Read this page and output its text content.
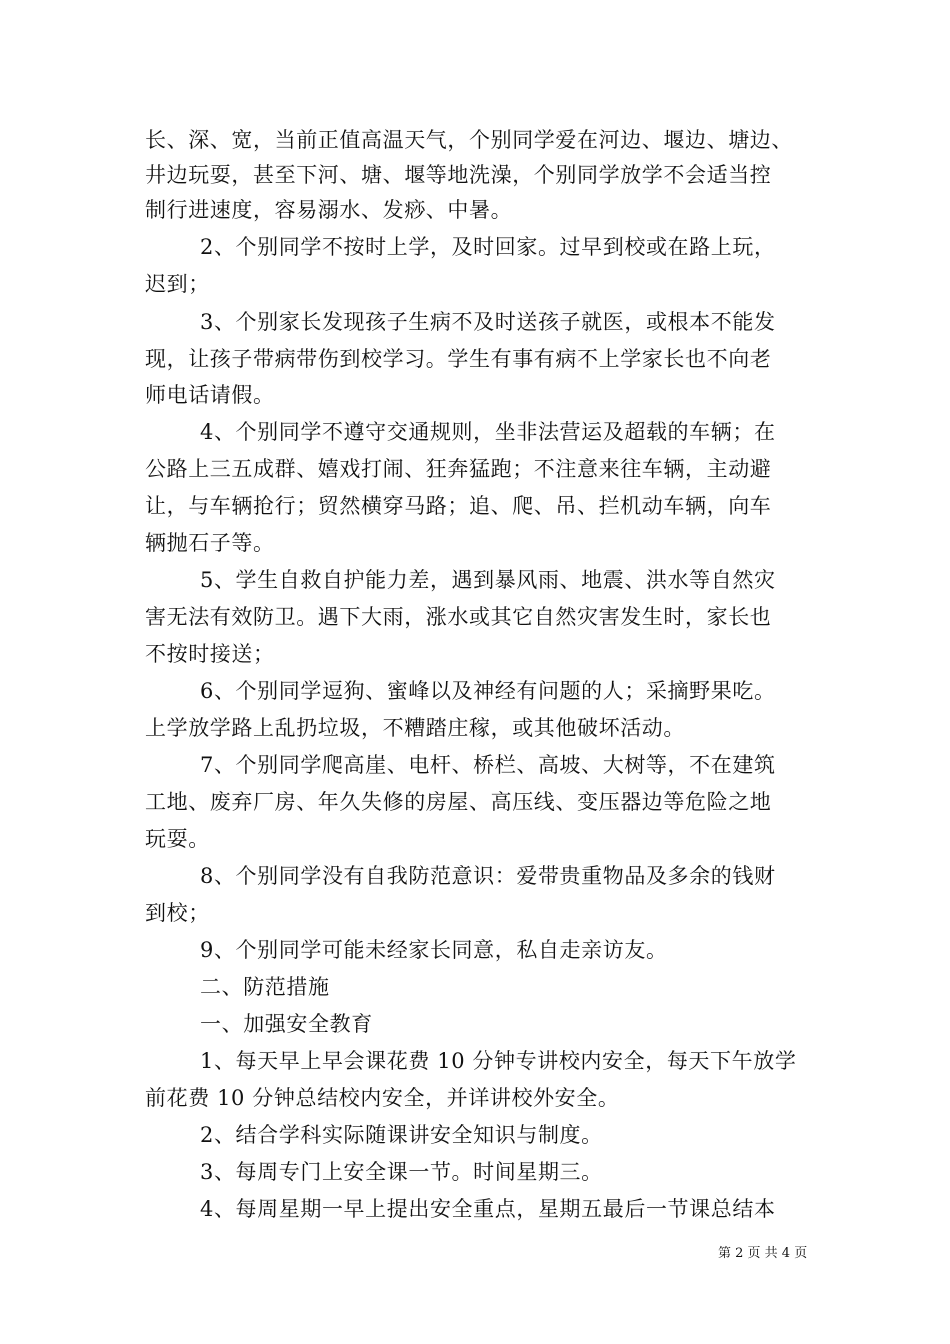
长、深、宽，当前正值高温天气，个别同学爱在河边、堰边、塘边、
井边玩耍，甚至下河、塘、堰等地洗澡，个别同学放学不会适当控
制行进速度，容易溺水、发痧、中暑。
2、个别同学不按时上学，及时回家。过早到校或在路上玩，
迟到；
3、个别家长发现孩子生病不及时送孩子就医，或根本不能发
现，让孩子带病带伤到校学习。学生有事有病不上学家长也不向老
师电话请假。
4、个别同学不遵守交通规则，坐非法营运及超载的车辆；在
公路上三五成群、嬉戏打闹、狂奔猛跑；不注意来往车辆，主动避
让，与车辆抢行；贸然横穿马路；追、爬、吊、拦机动车辆，向车
辆抛石子等。
5、学生自救自护能力差，遇到暴风雨、地震、洪水等自然灾
害无法有效防卫。遇下大雨，涨水或其它自然灾害发生时，家长也
不按时接送；
6、个别同学逗狗、蜜峰以及神经有问题的人；采摘野果吃。
上学放学路上乱扔垃圾，不糟踏庄稼，或其他破坏活动。
7、个别同学爬高崖、电杆、桥栏、高坡、大树等，不在建筑
工地、废弃厂房、年久失修的房屋、高压线、变压器边等危险之地
玩耍。
8、个别同学没有自我防范意识：爱带贵重物品及多余的钱财
到校；
9、个别同学可能未经家长同意，私自走亲访友。
二、防范措施
一、加强安全教育
1、每天早上早会课花费 10 分钟专讲校内安全，每天下午放学
前花费 10 分钟总结校内安全，并详讲校外安全。
2、结合学科实际随课讲安全知识与制度。
3、每周专门上安全课一节。时间星期三。
4、每周星期一早上提出安全重点，星期五最后一节课总结本
第 2 页 共 4 页
